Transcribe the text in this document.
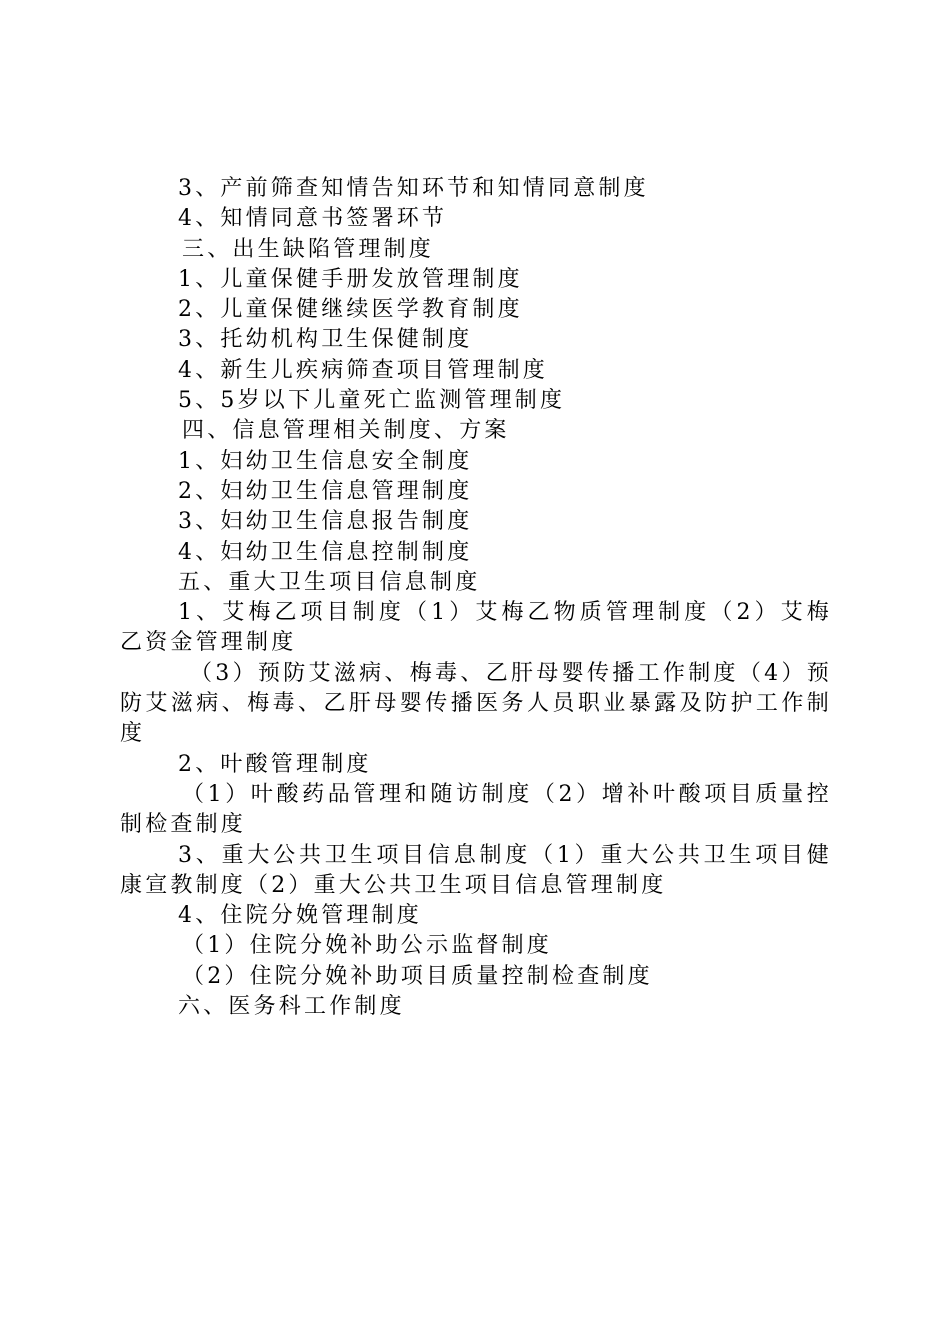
3、产前筛查知情告知环节和知情同意制度

4、知情同意书签署环节

三、出生缺陷管理制度

1、儿童保健手册发放管理制度

2、儿童保健继续医学教育制度

3、托幼机构卫生保健制度

4、新生儿疾病筛查项目管理制度

5、5岁以下儿童死亡监测管理制度

四、信息管理相关制度、方案

1、妇幼卫生信息安全制度

2、妇幼卫生信息管理制度

3、妇幼卫生信息报告制度

4、妇幼卫生信息控制制度

五、重大卫生项目信息制度

1、艾梅乙项目制度（1）艾梅乙物质管理制度（2）艾梅乙资金管理制度

（3）预防艾滋病、梅毒、乙肝母婴传播工作制度（4）预防艾滋病、梅毒、乙肝母婴传播医务人员职业暴露及防护工作制度

2、叶酸管理制度

（1）叶酸药品管理和随访制度（2）增补叶酸项目质量控制检查制度

3、重大公共卫生项目信息制度（1）重大公共卫生项目健康宣教制度（2）重大公共卫生项目信息管理制度

4、住院分娩管理制度

（1）住院分娩补助公示监督制度

（2）住院分娩补助项目质量控制检查制度

六、医务科工作制度
